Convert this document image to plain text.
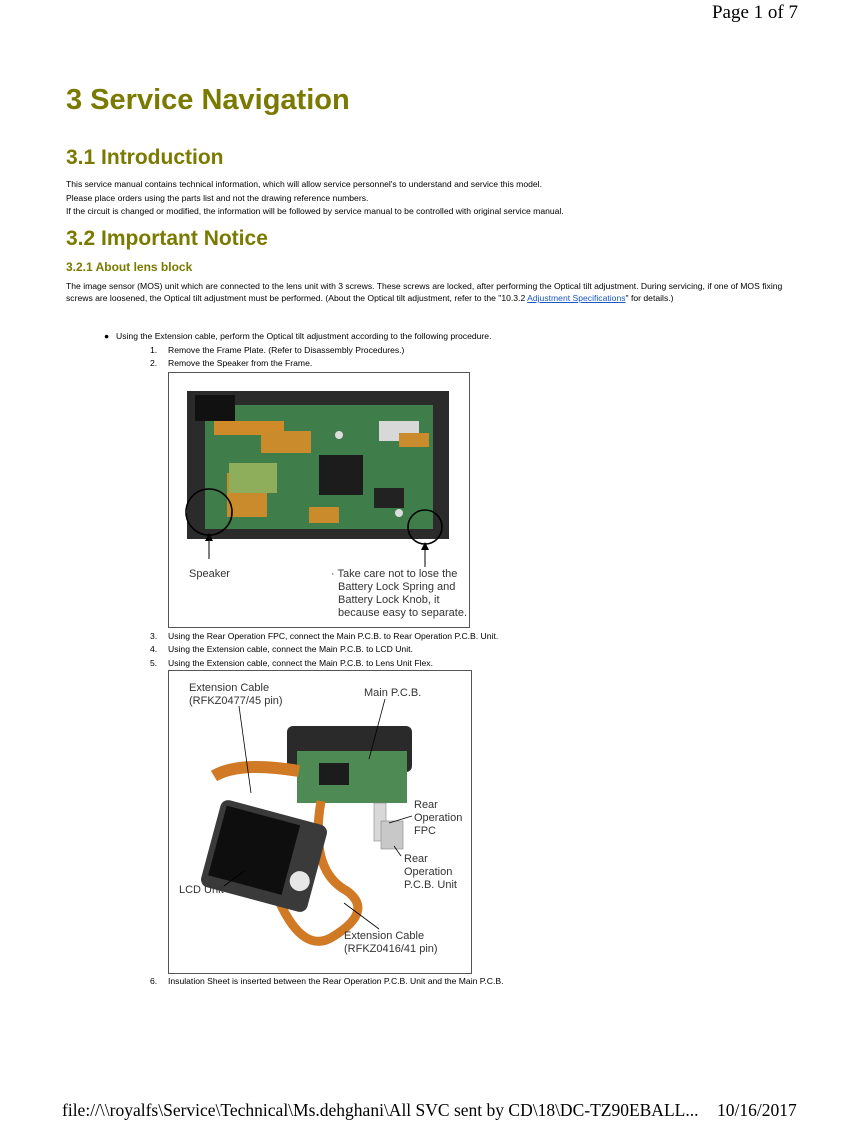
Page 1 of 7
3 Service Navigation
3.1 Introduction

This service manual contains technical information, which will allow service personnel's to understand and service this model.
Please place orders using the parts list and not the drawing reference numbers.
If the circuit is changed or modified, the information will be followed by service manual to be controlled with original service manual.

3.2 Important Notice
3.2.1 About lens block

The image sensor (MOS) unit which are connected to the lens unit with 3 screws. These screws are locked, after performing the Optical tilt adjustment. During servicing, if one of MOS fixing screws are loosened, the Optical tilt adjustment must be performed. (About the Optical tilt adjustment, refer to the "10.3.2 Adjustment Specifications" for details.)

● Using the Extension cable, perform the Optical tilt adjustment according to the following procedure.
1. Remove the Frame Plate. (Refer to Disassembly Procedures.)
2. Remove the Speaker from the Frame.
Speaker	· Take care not to lose the
Battery Lock Spring and
Battery Lock Knob, it
because easy to separate.
3. Using the Rear Operation FPC, connect the Main P.C.B. to Rear Operation P.C.B. Unit.
4. Using the Extension cable, connect the Main P.C.B. to LCD Unit.
5. Using the Extension cable, connect the Main P.C.B. to Lens Unit Flex.
Extension Cable
(RFKZ0477/45 pin)
Main P.C.B.
Rear
Operation
FPC
Rear
Operation
P.C.B. Unit
LCD Unit
Extension Cable
(RFKZ0416/41 pin)
6. Insulation Sheet is inserted between the Rear Operation P.C.B. Unit and the Main P.C.B.
file://\\royalfs\Service\Technical\Ms.dehghani\All SVC sent by CD\18\DC-TZ90EBALL... 10/16/2017
